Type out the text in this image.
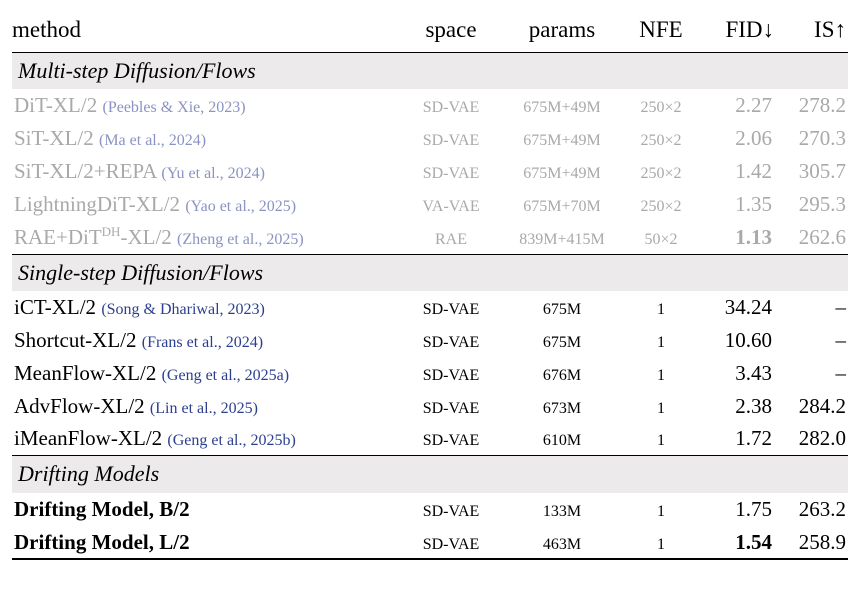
method	space	params	NFE	FID↓	IS↑
Multi-step Diffusion/Flows					
DiT-XL/2 (Peebles & Xie, 2023)	SD-VAE	675M+49M	250×2	2.27	278.2
SiT-XL/2 (Ma et al., 2024)	SD-VAE	675M+49M	250×2	2.06	270.3
SiT-XL/2+REPA (Yu et al., 2024)	SD-VAE	675M+49M	250×2	1.42	305.7
LightningDiT-XL/2 (Yao et al., 2025)	VA-VAE	675M+70M	250×2	1.35	295.3
RAE+DiT$^{DH}$-XL/2 (Zheng et al., 2025)	RAE	839M+415M	50×2	1.13	262.6
Single-step Diffusion/Flows					
iCT-XL/2 (Song & Dhariwal, 2023)	SD-VAE	675M	1	34.24	–
Shortcut-XL/2 (Frans et al., 2024)	SD-VAE	675M	1	10.60	–
MeanFlow-XL/2 (Geng et al., 2025a)	SD-VAE	676M	1	3.43	–
AdvFlow-XL/2 (Lin et al., 2025)	SD-VAE	673M	1	2.38	284.2
iMeanFlow-XL/2 (Geng et al., 2025b)	SD-VAE	610M	1	1.72	282.0
Drifting Models					
Drifting Model, B/2	SD-VAE	133M	1	1.75	263.2
Drifting Model, L/2	SD-VAE	463M	1	1.54	258.9
